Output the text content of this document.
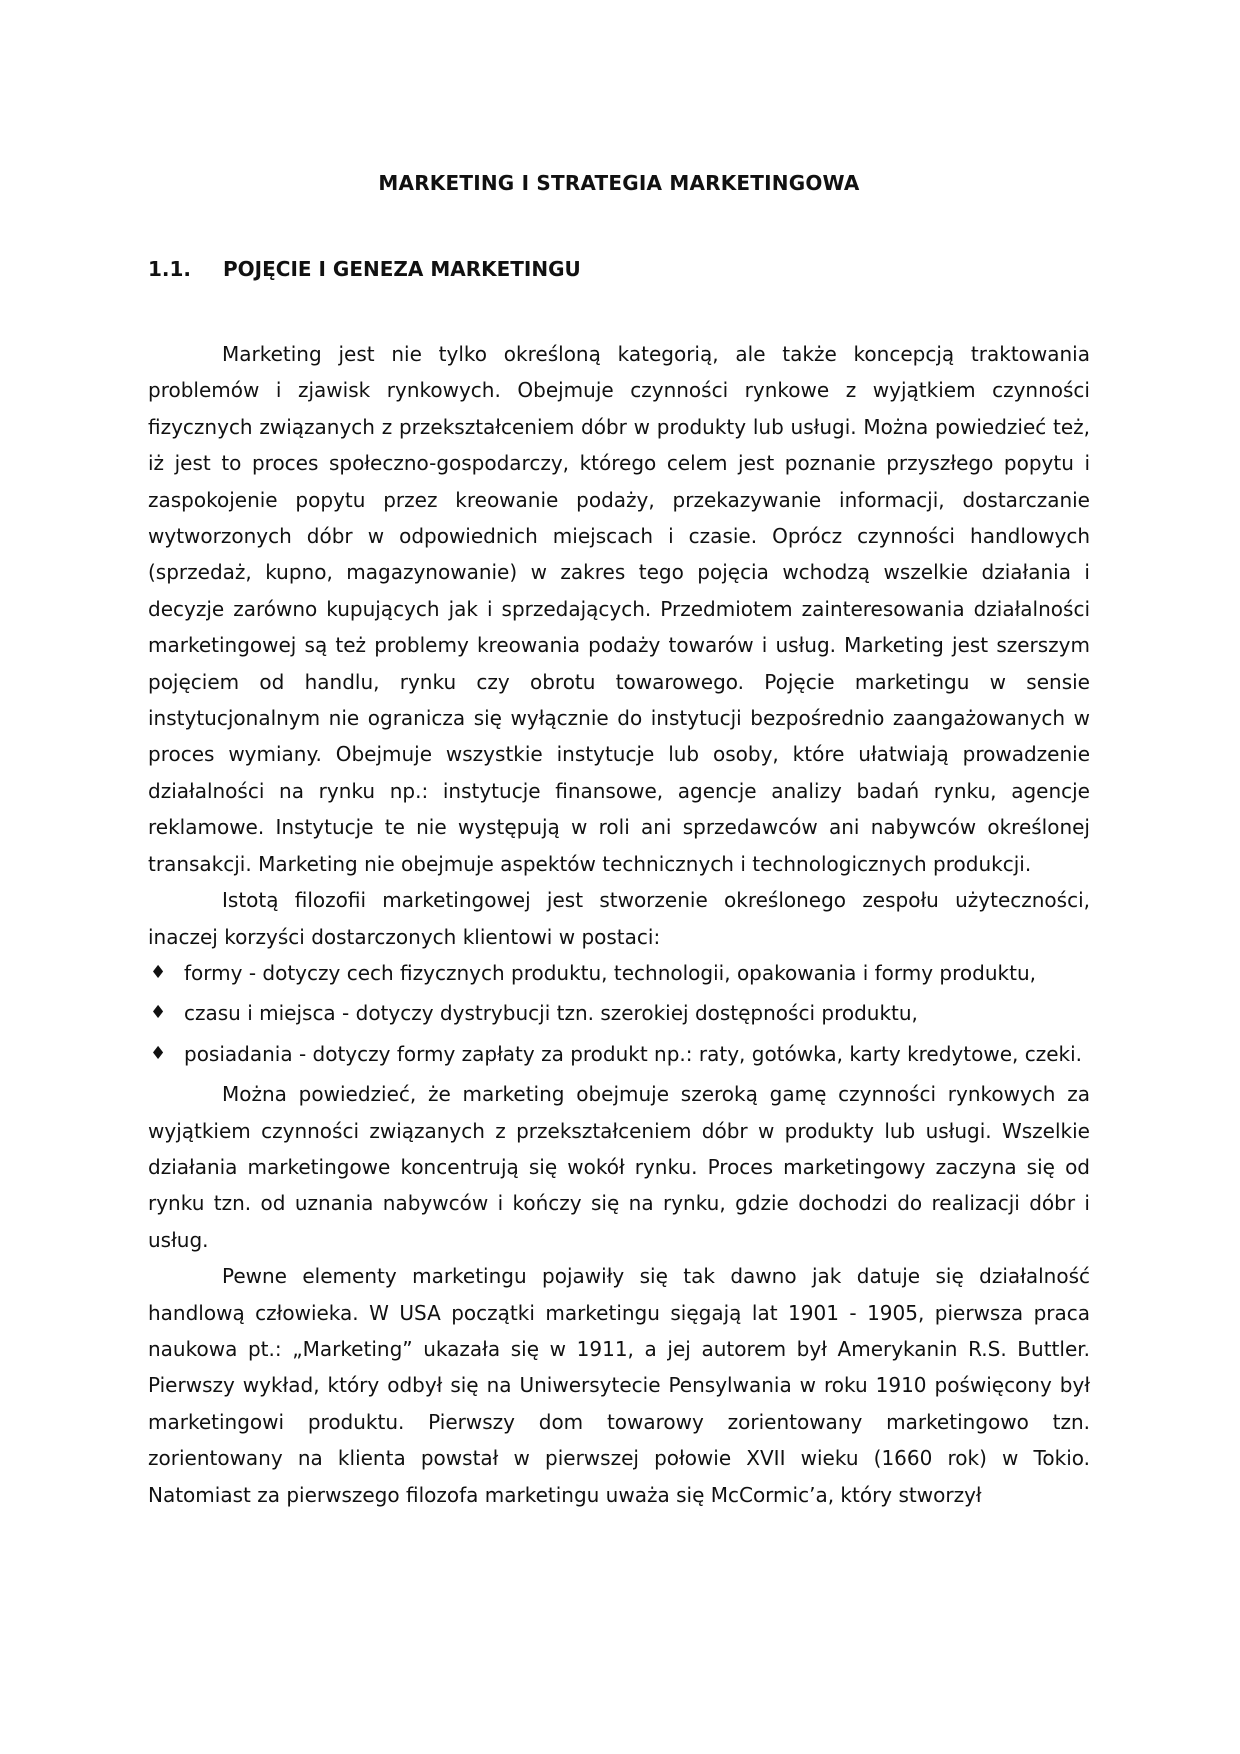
MARKETING I STRATEGIA MARKETINGOWA
1.1.	POJĘCIE I GENEZA MARKETINGU

Marketing jest nie tylko określoną kategorią, ale także koncepcją traktowania problemów i zjawisk rynkowych. Obejmuje czynności rynkowe z wyjątkiem czynności fizycznych związanych z przekształceniem dóbr w produkty lub usługi. Można powiedzieć też, iż jest to proces społeczno-gospodarczy, którego celem jest poznanie przyszłego popytu i zaspokojenie popytu przez kreowanie podaży, przekazywanie informacji, dostarczanie wytworzonych dóbr w odpowiednich miejscach i czasie. Oprócz czynności handlowych (sprzedaż, kupno, magazynowanie) w zakres tego pojęcia wchodzą wszelkie działania i decyzje zarówno kupujących jak i sprzedających. Przedmiotem zainteresowania działalności marketingowej są też problemy kreowania podaży towarów i usług. Marketing jest szerszym pojęciem od handlu, rynku czy obrotu towarowego. Pojęcie marketingu w sensie instytucjonalnym nie ogranicza się wyłącznie do instytucji bezpośrednio zaangażowanych w proces wymiany. Obejmuje wszystkie instytucje lub osoby, które ułatwiają prowadzenie działalności na rynku np.: instytucje finansowe, agencje analizy badań rynku, agencje reklamowe. Instytucje te nie występują w roli ani sprzedawców ani nabywców określonej transakcji. Marketing nie obejmuje aspektów technicznych i technologicznych produkcji.

Istotą filozofii marketingowej jest stworzenie określonego zespołu użyteczności, inaczej korzyści dostarczonych klientowi w postaci:

♦ formy - dotyczy cech fizycznych produktu, technologii, opakowania i formy produktu,
♦ czasu i miejsca - dotyczy dystrybucji tzn. szerokiej dostępności produktu,
♦ posiadania - dotyczy formy zapłaty za produkt np.: raty, gotówka, karty kredytowe, czeki.

Można powiedzieć, że marketing obejmuje szeroką gamę czynności rynkowych za wyjątkiem czynności związanych z przekształceniem dóbr w produkty lub usługi. Wszelkie działania marketingowe koncentrują się wokół rynku. Proces marketingowy zaczyna się od rynku tzn. od uznania nabywców i kończy się na rynku, gdzie dochodzi do realizacji dóbr i usług.

Pewne elementy marketingu pojawiły się tak dawno jak datuje się działalność handlową człowieka. W USA początki marketingu sięgają lat 1901 - 1905, pierwsza praca naukowa pt.: „Marketing” ukazała się w 1911, a jej autorem był Amerykanin R.S. Buttler. Pierwszy wykład, który odbył się na Uniwersytecie Pensylwania w roku 1910 poświęcony był marketingowi produktu. Pierwszy dom towarowy zorientowany marketingowo tzn. zorientowany na klienta powstał w pierwszej połowie XVII wieku (1660 rok) w Tokio. Natomiast za pierwszego filozofa marketingu uważa się McCormic’a, który stworzył
